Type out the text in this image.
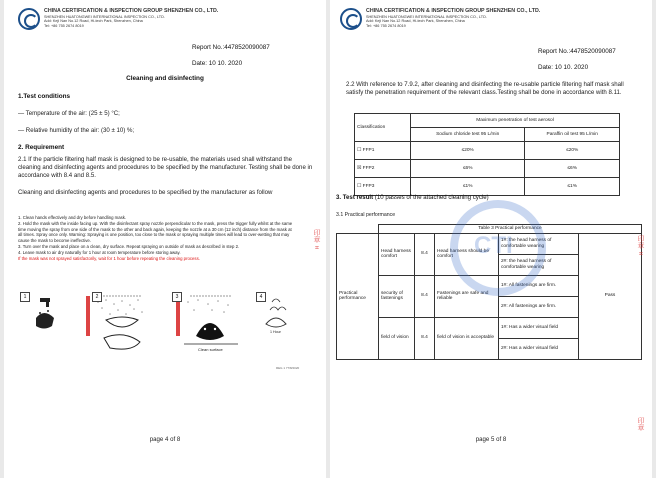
CHINA CERTIFICATION & INSPECTION GROUP SHENZHEN CO., LTD.
SHENZHEN HUATONGWEI INTERNATIONAL INSPECTION CO., LTD.
Add: Keji Nan No.12 Road, Hi-tech Park, Shenzhen, China
Tel: +86 755 2674 8019
Report No.:4478520090087
Date: 10 10. 2020
Cleaning and disinfecting
1.Test conditions
— Temperature of the air: (25 ± 5) °C;
— Relative humidity of the air: (30 ± 10) %;
2. Requirement
2.1 If the particle filtering half mask is designed to be re-usable, the materials used shall withstand the cleaning and disinfecting agents and procedures to be specified by the manufacturer. Testing shall be done in accordance with 8.4 and 8.5.
Cleaning and disinfecting agents and procedures to be specified by the manufacturer as follow
1. Clean hands effectively and dry before handling mask.
2. Hold the mask with the inside facing up. With the disinfectant spray nozzle perpendicular to the mask, press the trigger fully whilst at the same time moving the spray from one side of the mask to the other and back again, keeping the nozzle at a 30 cm (12 inch) distance from the mask at all times. Spray once only. Warning: Spraying is one position, too close to the mask or spraying multiple times will lead to over-wetting that may cause the mask to become ineffective.
3. Turn over the mask and place on a clean, dry surface. Repeat spraying on outside of mask as described in step 2.
4. Leave mask to air dry naturally for 1 hour at room temperature before storing away.
If the mask was not sprayed satisfactorily, wait for 1 hour before repeating the cleaning process.
1	2	3	4
Clean surface
1 Hour
REG 1 77/8/2020
印
章
⌗
page 4 of 8
CHINA CERTIFICATION & INSPECTION GROUP SHENZHEN CO., LTD.
SHENZHEN HUATONGWEI INTERNATIONAL INSPECTION CO., LTD.
Add: Keji Nan No.12 Road, Hi-tech Park, Shenzhen, China
Tel: +86 755 2674 8019
Report No.:4478520090087
Date: 10 10. 2020
2.2 With reference to 7.9.2, after cleaning and disinfecting the re-usable particle filtering half mask shall satisfy the penetration requirement of the relevant class.Testing shall be done in accordance with 8.11.
Classification	Maximum penetration of test aerosol	
	Sodium chloride test 95 L/min	Paraffin oil test 95 L/min
☐ FFP1	≤20%	≤20%
☒ FFP2	≤6%	≤6%
☐ FFP3	≤1%	≤1%
3. Test result (10 passes of the attached cleaning cycle)
3.1 Practical performance
	Table 3 Practical performance				
Practical performance	Head harness comfort	8.4	Head harness should be comfort	1#: the head harness of comfortable wearing	Pass
				2#: the head harness of comfortable wearing	
	security of fastenings	8.4	Fastenings are safe and reliable	1#: All fastenings are firm.	
				2#: All fastenings are firm.	
	field of vision	8.4	field of vision is acceptable	1#: Has a wider visual field	
				2#: Has a wider visual field	
CTI	印
章
⌗
印
章
page 5 of 8
